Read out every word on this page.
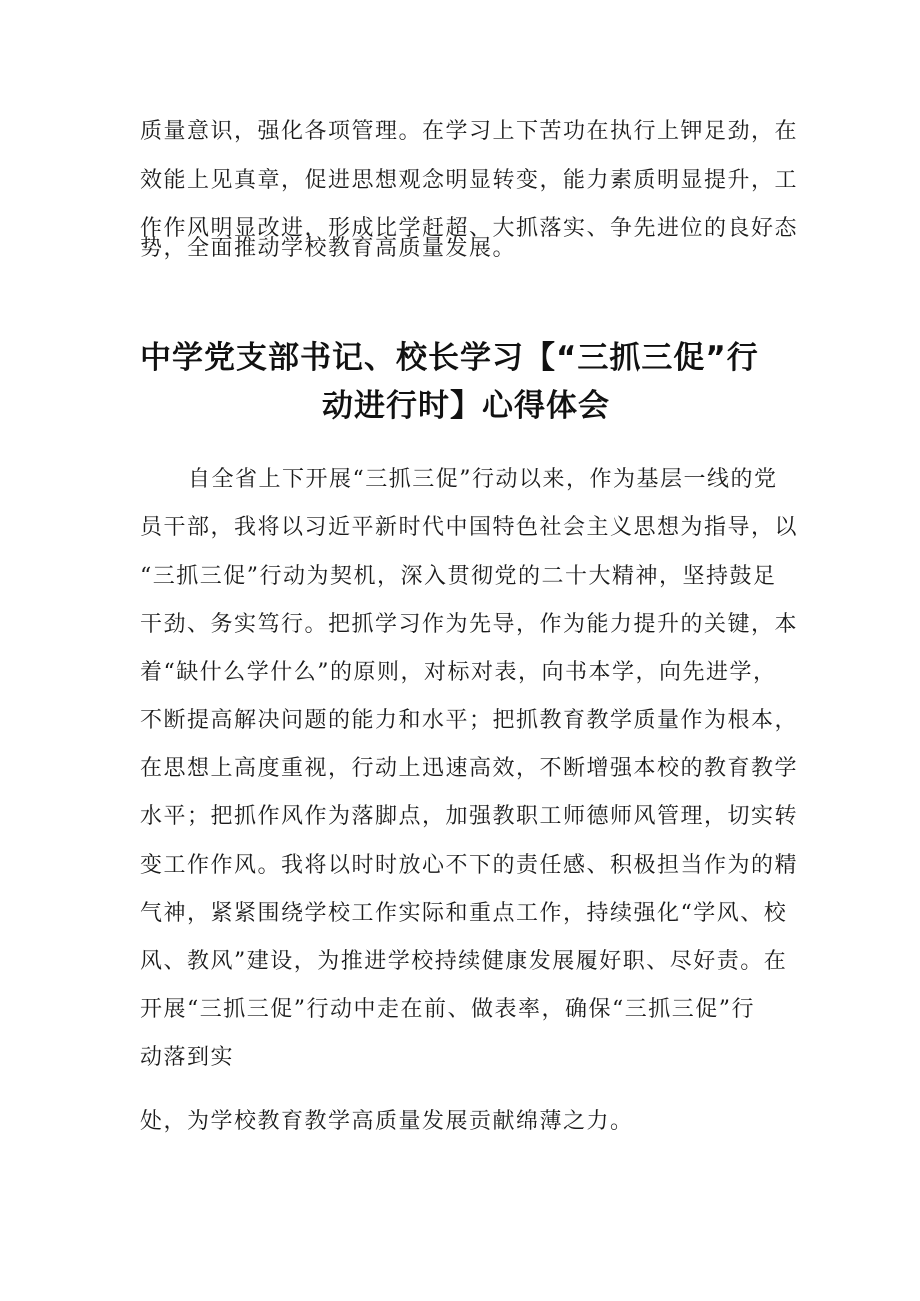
质量意识，强化各项管理。在学习上下苦功在执行上钾足劲，在
效能上见真章，促进思想观念明显转变，能力素质明显提升，工
作作风明显改进，形成比学赶超、大抓落实、争先进位的良好态
势，全面推动学校教育高质量发展。
中学党支部书记、校长学习【“三抓三促”行
动进行时】心得体会
自全省上下开展“三抓三促”行动以来，作为基层一线的党
员干部，我将以习近平新时代中国特色社会主义思想为指导，以
“三抓三促”行动为契机，深入贯彻党的二十大精神，坚持鼓足
干劲、务实笃行。把抓学习作为先导，作为能力提升的关键，本
着“缺什么学什么”的原则，对标对表，向书本学，向先进学，
不断提高解决问题的能力和水平；把抓教育教学质量作为根本，
在思想上高度重视，行动上迅速高效，不断增强本校的教育教学
水平；把抓作风作为落脚点，加强教职工师德师风管理，切实转
变工作作风。我将以时时放心不下的责任感、积极担当作为的精
气神，紧紧围绕学校工作实际和重点工作，持续强化“学风、校
风、教风”建设，为推进学校持续健康发展履好职、尽好责。在
开展“三抓三促”行动中走在前、做表率，确保“三抓三促”行
动落到实
处，为学校教育教学高质量发展贡献绵薄之力。
